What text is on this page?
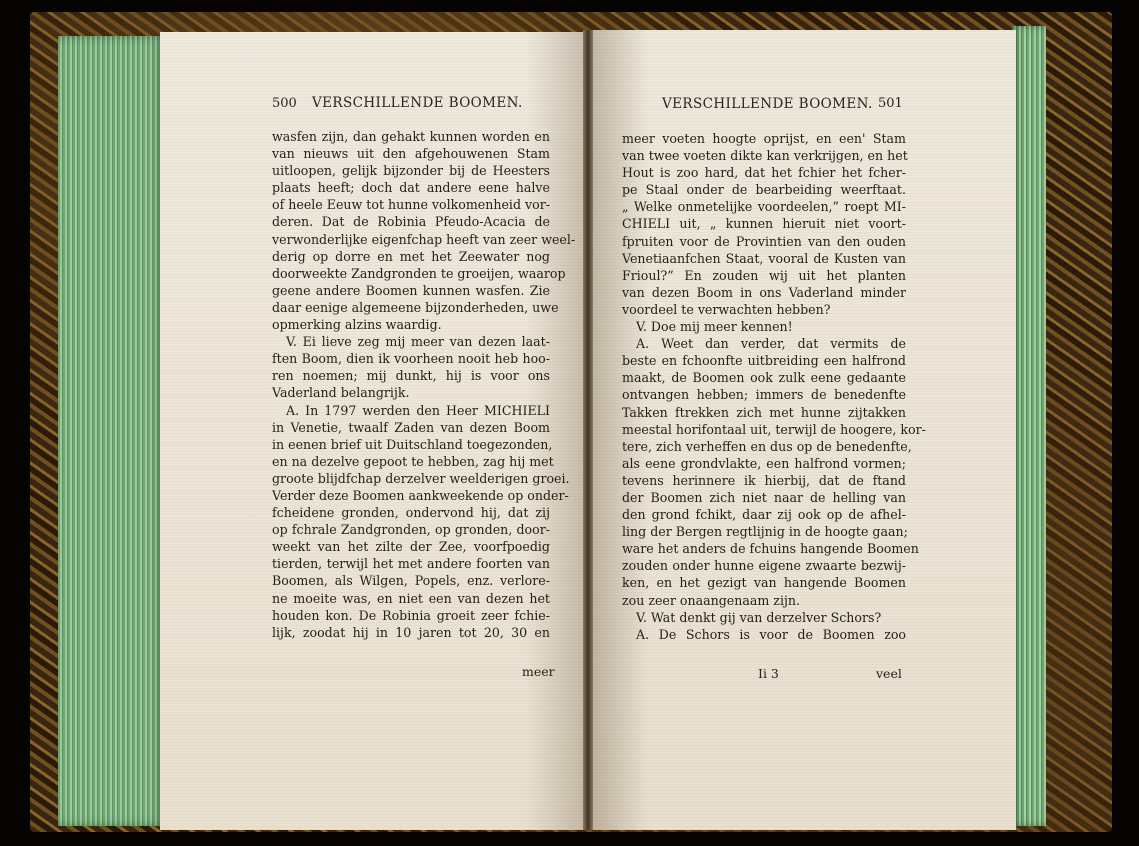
500 VERSCHILLENDE BOOMEN.	VERSCHILLENDE BOOMEN. 501
wasfen zijn, dan gehakt kunnen worden en
van nieuws uit den afgehouwenen Stam
uitloopen, gelijk bijzonder bij de Heesters
plaats heeft; doch dat andere eene halve
of heele Eeuw tot hunne volkomenheid vor-
deren. Dat de Robinia Pfeudo-Acacia de
verwonderlijke eigenfchap heeft van zeer weel-
derig op dorre en met het Zeewater nog
doorweekte Zandgronden te groeijen, waarop
geene andere Boomen kunnen wasfen. Zie
daar eenige algemeene bijzonderheden, uwe
opmerking alzins waardig.
V. Ei lieve zeg mij meer van dezen laat-
ften Boom, dien ik voorheen nooit heb hoo-
ren noemen; mij dunkt, hij is voor ons
Vaderland belangrijk.
A. In 1797 werden den Heer MICHIELI
in Venetie, twaalf Zaden van dezen Boom
in eenen brief uit Duitschland toegezonden,
en na dezelve gepoot te hebben, zag hij met
groote blijdfchap derzelver weelderigen groei.
Verder deze Boomen aankweekende op onder-
fcheidene gronden, ondervond hij, dat zij
op fchrale Zandgronden, op gronden, door-
weekt van het zilte der Zee, voorfpoedig
tierden, terwijl het met andere foorten van
Boomen, als Wilgen, Popels, enz. verlore-
ne moeite was, en niet een van dezen het
houden kon. De Robinia groeit zeer fchie-
lijk, zoodat hij in 10 jaren tot 20, 30 en
meer
meer voeten hoogte oprijst, en een' Stam
van twee voeten dikte kan verkrijgen, en het
Hout is zoo hard, dat het fchier het fcher-
pe Staal onder de bearbeiding weerftaat.
„ Welke onmetelijke voordeelen,” roept MI-
CHIELI uit, „ kunnen hieruit niet voort-
fpruiten voor de Provintien van den ouden
Venetiaanfchen Staat, vooral de Kusten van
Frioul?” En zouden wij uit het planten
van dezen Boom in ons Vaderland minder
voordeel te verwachten hebben?
V. Doe mij meer kennen!
A. Weet dan verder, dat vermits de
beste en fchoonfte uitbreiding een halfrond
maakt, de Boomen ook zulk eene gedaante
ontvangen hebben; immers de benedenfte
Takken ftrekken zich met hunne zijtakken
meestal horifontaal uit, terwijl de hoogere, kor-
tere, zich verheffen en dus op de benedenfte,
als eene grondvlakte, een halfrond vormen;
tevens herinnere ik hierbij, dat de ftand
der Boomen zich niet naar de helling van
den grond fchikt, daar zij ook op de afhel-
ling der Bergen regtlijnig in de hoogte gaan;
ware het anders de fchuins hangende Boomen
zouden onder hunne eigene zwaarte bezwij-
ken, en het gezigt van hangende Boomen
zou zeer onaangenaam zijn.
V. Wat denkt gij van derzelver Schors?
A. De Schors is voor de Boomen zoo
Ii 3	veel
